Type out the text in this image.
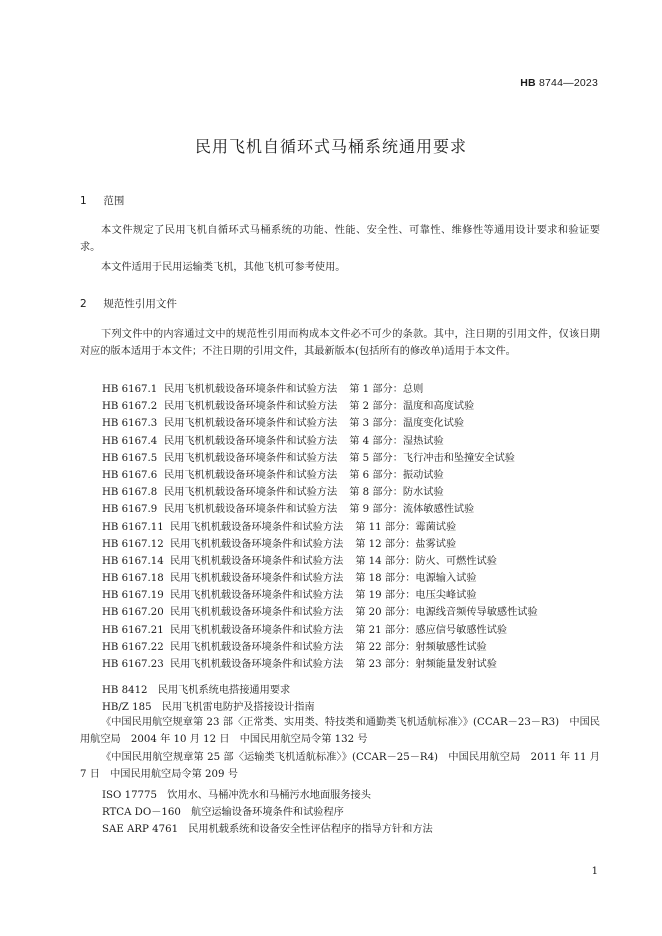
HB 8744—2023
民用飞机自循环式马桶系统通用要求
1 范围
本文件规定了民用飞机自循环式马桶系统的功能、性能、安全性、可靠性、维修性等通用设计要求和验证要求。
本文件适用于民用运输类飞机，其他飞机可参考使用。
2 规范性引用文件
下列文件中的内容通过文中的规范性引用而构成本文件必不可少的条款。其中，注日期的引用文件，仅该日期对应的版本适用于本文件；不注日期的引用文件，其最新版本(包括所有的修改单)适用于本文件。
HB 6167.1 民用飞机机载设备环境条件和试验方法 第 1 部分：总则
HB 6167.2 民用飞机机载设备环境条件和试验方法 第 2 部分：温度和高度试验
HB 6167.3 民用飞机机载设备环境条件和试验方法 第 3 部分：温度变化试验
HB 6167.4 民用飞机机载设备环境条件和试验方法 第 4 部分：湿热试验
HB 6167.5 民用飞机机载设备环境条件和试验方法 第 5 部分：飞行冲击和坠撞安全试验
HB 6167.6 民用飞机机载设备环境条件和试验方法 第 6 部分：振动试验
HB 6167.8 民用飞机机载设备环境条件和试验方法 第 8 部分：防水试验
HB 6167.9 民用飞机机载设备环境条件和试验方法 第 9 部分：流体敏感性试验
HB 6167.11 民用飞机机载设备环境条件和试验方法 第 11 部分：霉菌试验
HB 6167.12 民用飞机机载设备环境条件和试验方法 第 12 部分：盐雾试验
HB 6167.14 民用飞机机载设备环境条件和试验方法 第 14 部分：防火、可燃性试验
HB 6167.18 民用飞机机载设备环境条件和试验方法 第 18 部分：电源输入试验
HB 6167.19 民用飞机机载设备环境条件和试验方法 第 19 部分：电压尖峰试验
HB 6167.20 民用飞机机载设备环境条件和试验方法 第 20 部分：电源线音频传导敏感性试验
HB 6167.21 民用飞机机载设备环境条件和试验方法 第 21 部分：感应信号敏感性试验
HB 6167.22 民用飞机机载设备环境条件和试验方法 第 22 部分：射频敏感性试验
HB 6167.23 民用飞机机载设备环境条件和试验方法 第 23 部分：射频能量发射试验
HB 8412　民用飞机系统电搭接通用要求
HB/Z 185　民用飞机雷电防护及搭接设计指南
《中国民用航空规章第 23 部〈正常类、实用类、特技类和通勤类飞机适航标准〉》(CCAR－23－R3)　中国民用航空局　2004 年 10 月 12 日　中国民用航空局令第 132 号
《中国民用航空规章第 25 部〈运输类飞机适航标准〉》(CCAR－25－R4)　中国民用航空局　2011 年 11 月 7 日　中国民用航空局令第 209 号
ISO 17775　饮用水、马桶冲洗水和马桶污水地面服务接头
RTCA DO－160　航空运输设备环境条件和试验程序
SAE ARP 4761　民用机载系统和设备安全性评估程序的指导方针和方法
1
